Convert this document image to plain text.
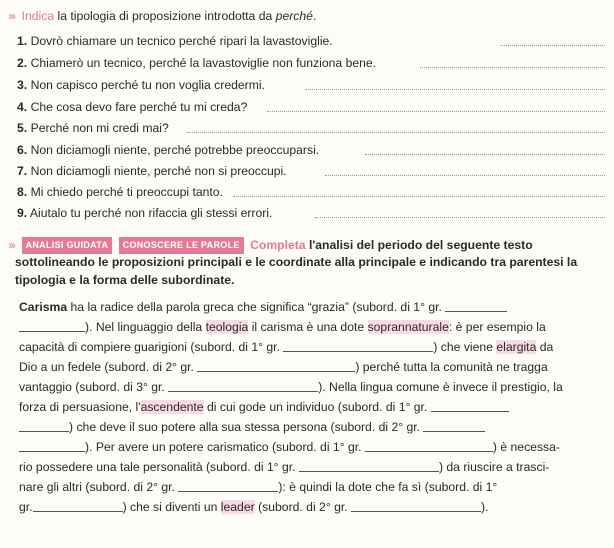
››› Indica la tipologia di proposizione introdotta da perché.
1. Dovrò chiamare un tecnico perché ripari la lavastoviglie.
2. Chiamerò un tecnico, perché la lavastoviglie non funziona bene.
3. Non capisco perché tu non voglia credermi.
4. Che cosa devo fare perché tu mi creda?
5. Perché non mi credi mai?
6. Non diciamogli niente, perché potrebbe preoccuparsi.
7. Non diciamogli niente, perché non si preoccupi.
8. Mi chiedo perché ti preoccupi tanto.
9. Aiutalo tu perché non rifaccia gli stessi errori.
››› ANALISI GUIDATA CONOSCERE LE PAROLE Completa l'analisi del periodo del seguente testo
sottolineando le proposizioni principali e le coordinate alla principale e indicando tra parentesi la
tipologia e la forma delle subordinate.
Carisma ha la radice della parola greca che significa “grazia” (subord. di 1° gr.
). Nel linguaggio della teologia il carisma è una dote soprannaturale: è per esempio la
capacità di compiere guarigioni (subord. di 1° gr.	) che viene elargita da
Dio a un fedele (subord. di 2° gr.	) perché tutta la comunità ne tragga
vantaggio (subord. di 3° gr.	). Nella lingua comune è invece il prestigio, la
forza di persuasione, l'ascendente di cui gode un individuo (subord. di 1° gr.
) che deve il suo potere alla sua stessa persona (subord. di 2° gr.
). Per avere un potere carismatico (subord. di 1° gr.	) è necessa-
rio possedere una tale personalità (subord. di 1° gr.	) da riuscire a trasci-
nare gli altri (subord. di 2° gr.	): è quindi la dote che fa sì (subord. di 1°
gr.	) che si diventi un leader (subord. di 2° gr.	).
